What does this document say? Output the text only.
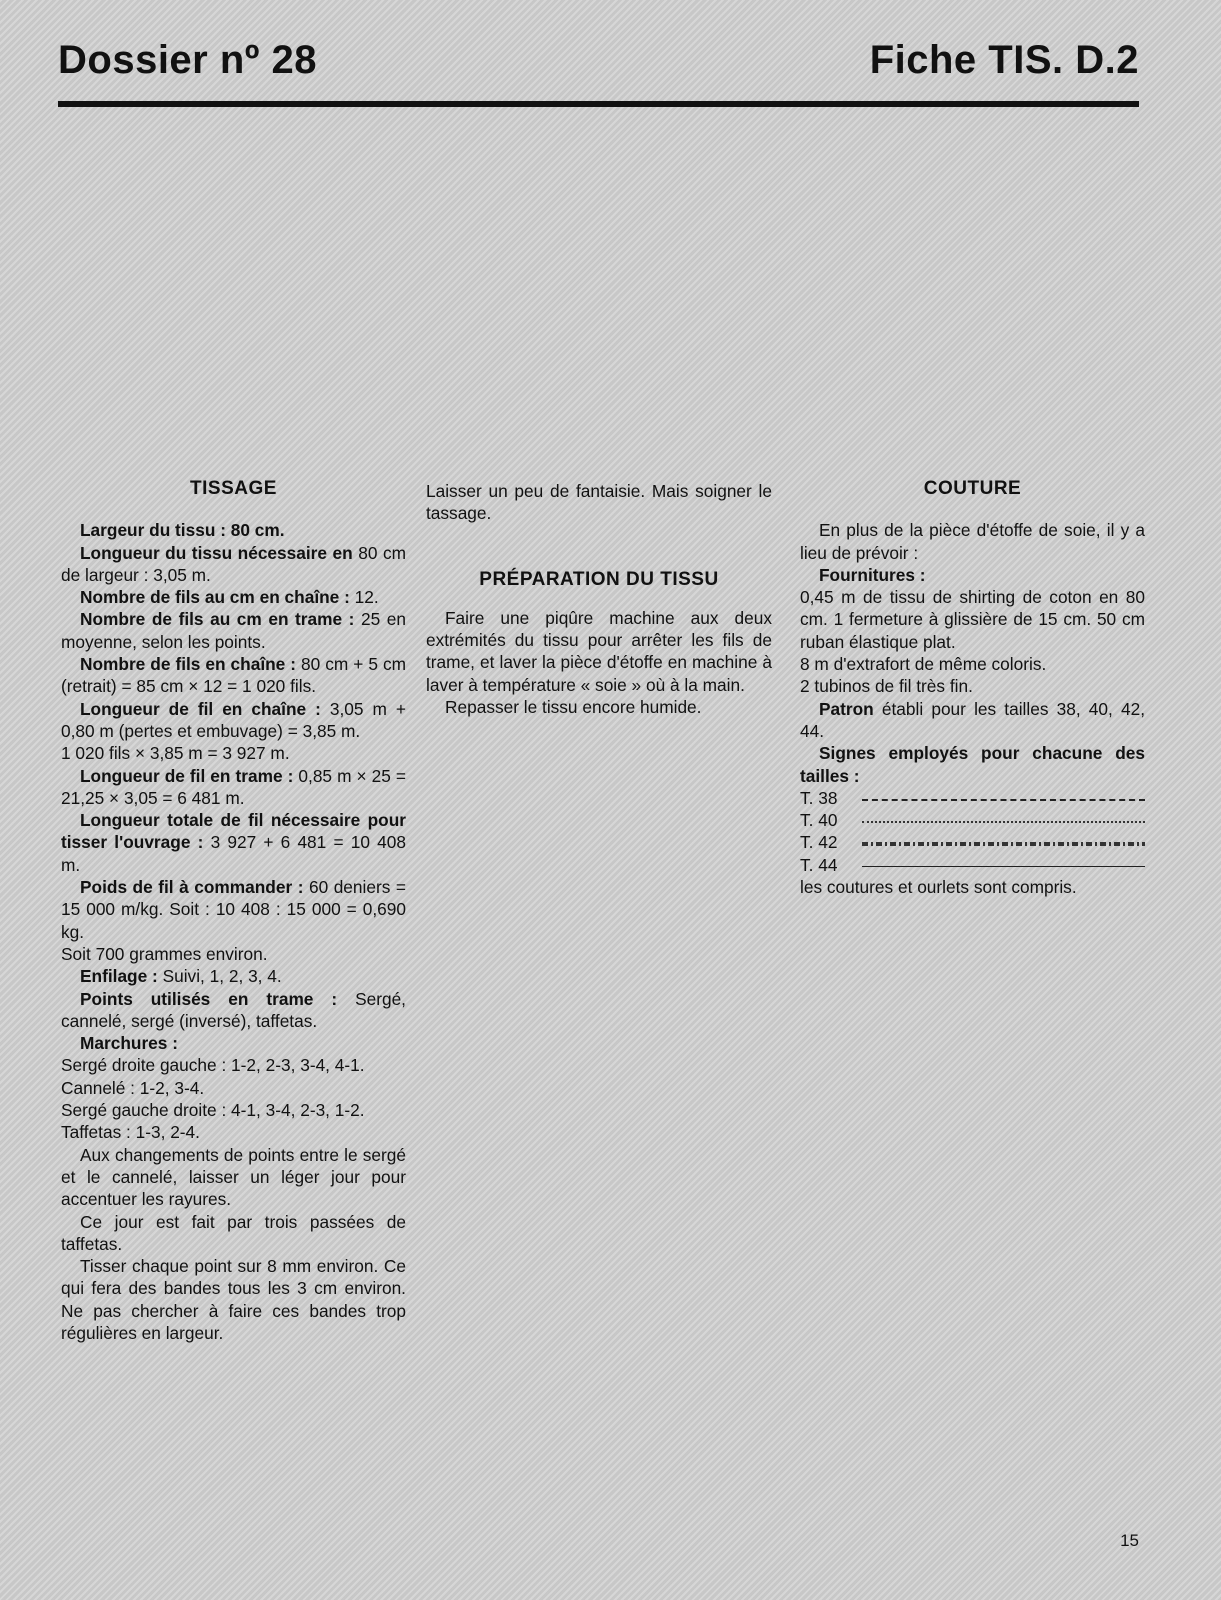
Dossier nº 28	Fiche TIS. D.2

TISSAGE

Largeur du tissu : 80 cm.

Longueur du tissu nécessaire en 80 cm de largeur : 3,05 m.

Nombre de fils au cm en chaîne : 12.

Nombre de fils au cm en trame : 25 en moyenne, selon les points.

Nombre de fils en chaîne : 80 cm + 5 cm (retrait) = 85 cm × 12 = 1 020 fils.

Longueur de fil en chaîne : 3,05 m + 0,80 m (pertes et embuvage) = 3,85 m.

1 020 fils × 3,85 m = 3 927 m.

Longueur de fil en trame : 0,85 m × 25 = 21,25 × 3,05 = 6 481 m.

Longueur totale de fil nécessaire pour tisser l'ouvrage : 3 927 + 6 481 = 10 408 m.

Poids de fil à commander : 60 deniers = 15 000 m/kg. Soit : 10 408 : 15 000 = 0,690 kg.

Soit 700 grammes environ.

Enfilage : Suivi, 1, 2, 3, 4.

Points utilisés en trame : Sergé, cannelé, sergé (inversé), taffetas.

Marchures :

Sergé droite gauche : 1-2, 2-3, 3-4, 4-1.

Cannelé : 1-2, 3-4.

Sergé gauche droite : 4-1, 3-4, 2-3, 1-2.

Taffetas : 1-3, 2-4.

Aux changements de points entre le sergé et le cannelé, laisser un léger jour pour accentuer les rayures.

Ce jour est fait par trois passées de taffetas.

Tisser chaque point sur 8 mm environ. Ce qui fera des bandes tous les 3 cm environ. Ne pas chercher à faire ces bandes trop régulières en largeur.

Laisser un peu de fantaisie. Mais soigner le tassage.

PRÉPARATION DU TISSU

Faire une piqûre machine aux deux extrémités du tissu pour arrêter les fils de trame, et laver la pièce d'étoffe en machine à laver à température « soie » où à la main.

Repasser le tissu encore humide.

COUTURE

En plus de la pièce d'étoffe de soie, il y a lieu de prévoir :

Fournitures :

0,45 m de tissu de shirting de coton en 80 cm. 1 fermeture à glissière de 15 cm. 50 cm ruban élastique plat.

8 m d'extrafort de même coloris.

2 tubinos de fil très fin.

Patron établi pour les tailles 38, 40, 42, 44.

Signes employés pour chacune des tailles :

T. 38
T. 40
T. 42
T. 44

les coutures et ourlets sont compris.

15
